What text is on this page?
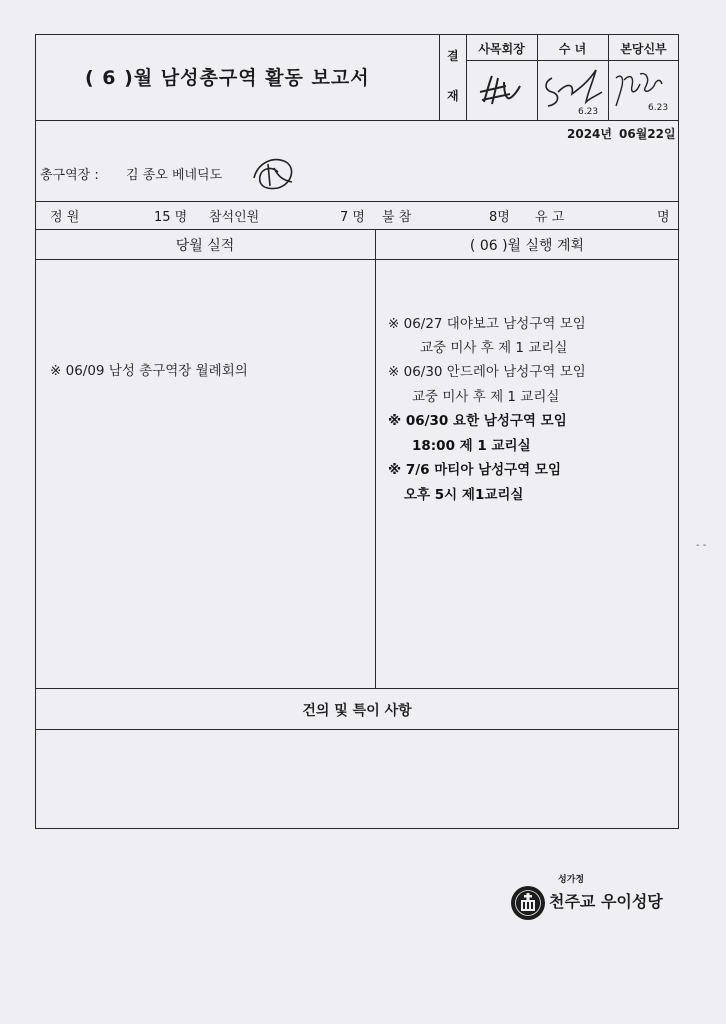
( 6 )월 남성총구역 활동 보고서
결
재
사목회장	수 녀	본당신부
6.23	6.23
2024년 06월22일
총구역장 : 김 종오 베네딕도
정 원	15 명 참석인원	7 명 불 참	8명 유 고	명
당월 실적	( 06 )월 실행 계획
※ 06/09 남성 총구역장 월례회의
※ 06/27 대야보고 남성구역 모임
교중 미사 후 제 1 교리실
※ 06/30 안드레아 남성구역 모임
교중 미사 후 제 1 교리실
※ 06/30 요한 남성구역 모임
18:00 제 1 교리실
※ 7/6 마티아 남성구역 모임
오후 5시 제1교리실
건의 및 특이 사항
성가정
천주교 우이성당
- -
